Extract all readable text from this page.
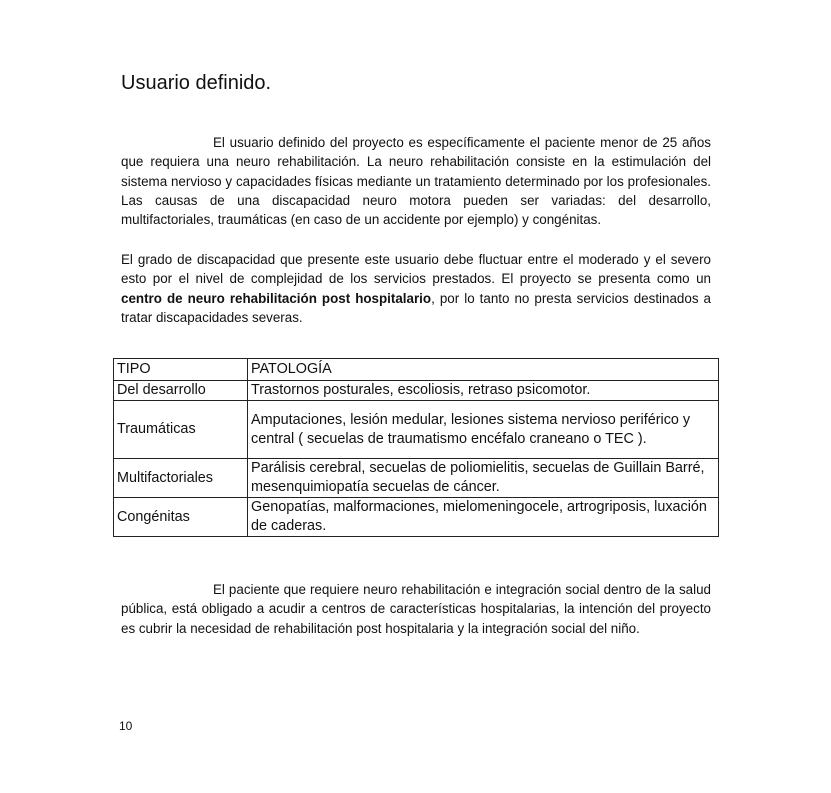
Usuario definido.

El usuario definido del proyecto es específicamente el paciente menor de 25 años que requiera una neuro rehabilitación. La neuro rehabilitación consiste en la estimulación del sistema nervioso y capacidades físicas mediante un tratamiento determinado por los profesionales. Las causas de una discapacidad neuro motora pueden ser variadas: del desarrollo, multifactoriales, traumáticas (en caso de un accidente por ejemplo) y congénitas.

El grado de discapacidad que presente este usuario debe fluctuar entre el moderado y el severo esto por el nivel de complejidad de los servicios prestados. El proyecto se presenta como un centro de neuro rehabilitación post hospitalario, por lo tanto no presta servicios destinados a tratar discapacidades severas.

TIPO	PATOLOGÍA
Del desarrollo	Trastornos posturales, escoliosis, retraso psicomotor.
Traumáticas	Amputaciones, lesión medular, lesiones sistema nervioso periférico y central ( secuelas de traumatismo encéfalo craneano o TEC ).
Multifactoriales	Parálisis cerebral, secuelas de poliomielitis, secuelas de Guillain Barré, mesenquimiopatía secuelas de cáncer.
Congénitas	Genopatías, malformaciones, mielomeningocele, artrogriposis, luxación de caderas.

El paciente que requiere neuro rehabilitación e integración social dentro de la salud pública, está obligado a acudir a centros de características hospitalarias, la intención del proyecto es cubrir la necesidad de rehabilitación post hospitalaria y la integración social del niño.

10
